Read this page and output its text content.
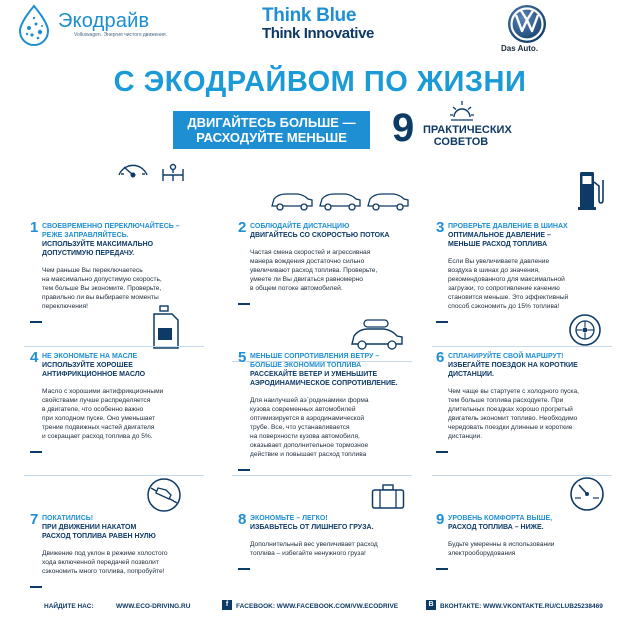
Экодрайв
Volkswagen. Энергия чистого движения.
Think Blue
Think Innovative
Das Auto.
С ЭКОДРАЙВОМ ПО ЖИЗНИ
ДВИГАЙТЕСЬ БОЛЬШЕ —
РАСХОДУЙТЕ МЕНЬШЕ	9 ПРАКТИЧЕСКИХ
СОВЕТОВ
1 СВОЕВРЕМЕННО ПЕРЕКЛЮЧАЙТЕСЬ –
РЕЖЕ ЗАПРАВЛЯЙТЕСЬ.
ИСПОЛЬЗУЙТЕ МАКСИМАЛЬНО
ДОПУСТИМУЮ ПЕРЕДАЧУ.
Чем раньше Вы переключаетесь
на максимально допустимую скорость,
тем больше Вы экономите. Проверьте,
правильно ли вы выбираете моменты
переключения!
2 СОБЛЮДАЙТЕ ДИСТАНЦИЮ
ДВИГАЙТЕСЬ СО СКОРОСТЬЮ ПОТОКА
Частая смена скоростей и агрессивная
манера вождения достаточно сильно
увеличивают расход топлива. Проверьте,
умеете ли Вы двигаться равномерно
в общем потоке автомобилей.
3 ПРОВЕРЬТЕ ДАВЛЕНИЕ В ШИНАХ
ОПТИМАЛЬНОЕ ДАВЛЕНИЕ –
МЕНЬШЕ РАСХОД ТОПЛИВА
Если Вы увеличиваете давление
воздуха в шинах до значения,
рекомендованного для максимальной
загрузки, то сопротивление качению
становится меньше. Это эффективный
способ сэкономить до 15% топлива!
4 НЕ ЭКОНОМЬТЕ НА МАСЛЕ
ИСПОЛЬЗУЙТЕ ХОРОШЕЕ
АНТИФРИКЦИОННОЕ МАСЛО
Масло с хорошими антифрикционными
свойствами лучше распределяется
в двигателе, что особенно важно
при холодном пуске. Оно уменьшает
трение подвижных частей двигателя
и сокращает расход топлива до 5%.
5 МЕНЬШЕ СОПРОТИВЛЕНИЯ ВЕТРУ –
БОЛЬШЕ ЭКОНОМИИ ТОПЛИВА
РАССЕКАЙТЕ ВЕТЕР И УМЕНЬШИТЕ
АЭРОДИНАМИЧЕСКОЕ СОПРОТИВЛЕНИЕ.
Для наилучшей аэ`родинамики форма
кузова современных автомобилей
оптимизируется в аэродинамической
трубе. Все, что устанавливается
на поверхности кузова автомобиля,
оказывает дополнительное тормозное
действие и повышает расход топлива
6 СПЛАНИРУЙТЕ СВОЙ МАРШРУТ!
ИЗБЕГАЙТЕ ПОЕЗДОК НА КОРОТКИЕ
ДИСТАНЦИИ.
Чем чаще вы стартуете с холодного пуска,
тем больше топлива расходуете. При
длительных поездках хорошо прогретый
двигатель экономит топливо. Необходимо
чередовать поездки длинные и короткие
дистанции.
7 ПОКАТИЛИСЬ!
ПРИ ДВИЖЕНИИ НАКАТОМ
РАСХОД ТОПЛИВА РАВЕН НУЛЮ
Движение под уклон в режиме холостого
хода включенной передачей позволит
сэкономить много топлива, попробуйте!
8 ЭКОНОМЬТЕ – ЛЕГКО!
ИЗБАВЬТЕСЬ ОТ ЛИШНЕГО ГРУЗА.
Дополнительный вес увеличивает расход
топлива – избегайте ненужного груза!
9 УРОВЕНЬ КОМФОРТА ВЫШЕ,
РАСХОД ТОПЛИВА – НИЖЕ.
Будьте умеренны в использовании
электрооборудования
НАЙДИТЕ НАС:	WWW.ECO-DRIVING.RU	f	FACEBOOK: WWW.FACEBOOK.COM/VW.ECODRIVE	В ВКОНТАКТЕ: WWW.VKONTAKTE.RU/CLUB25238469
